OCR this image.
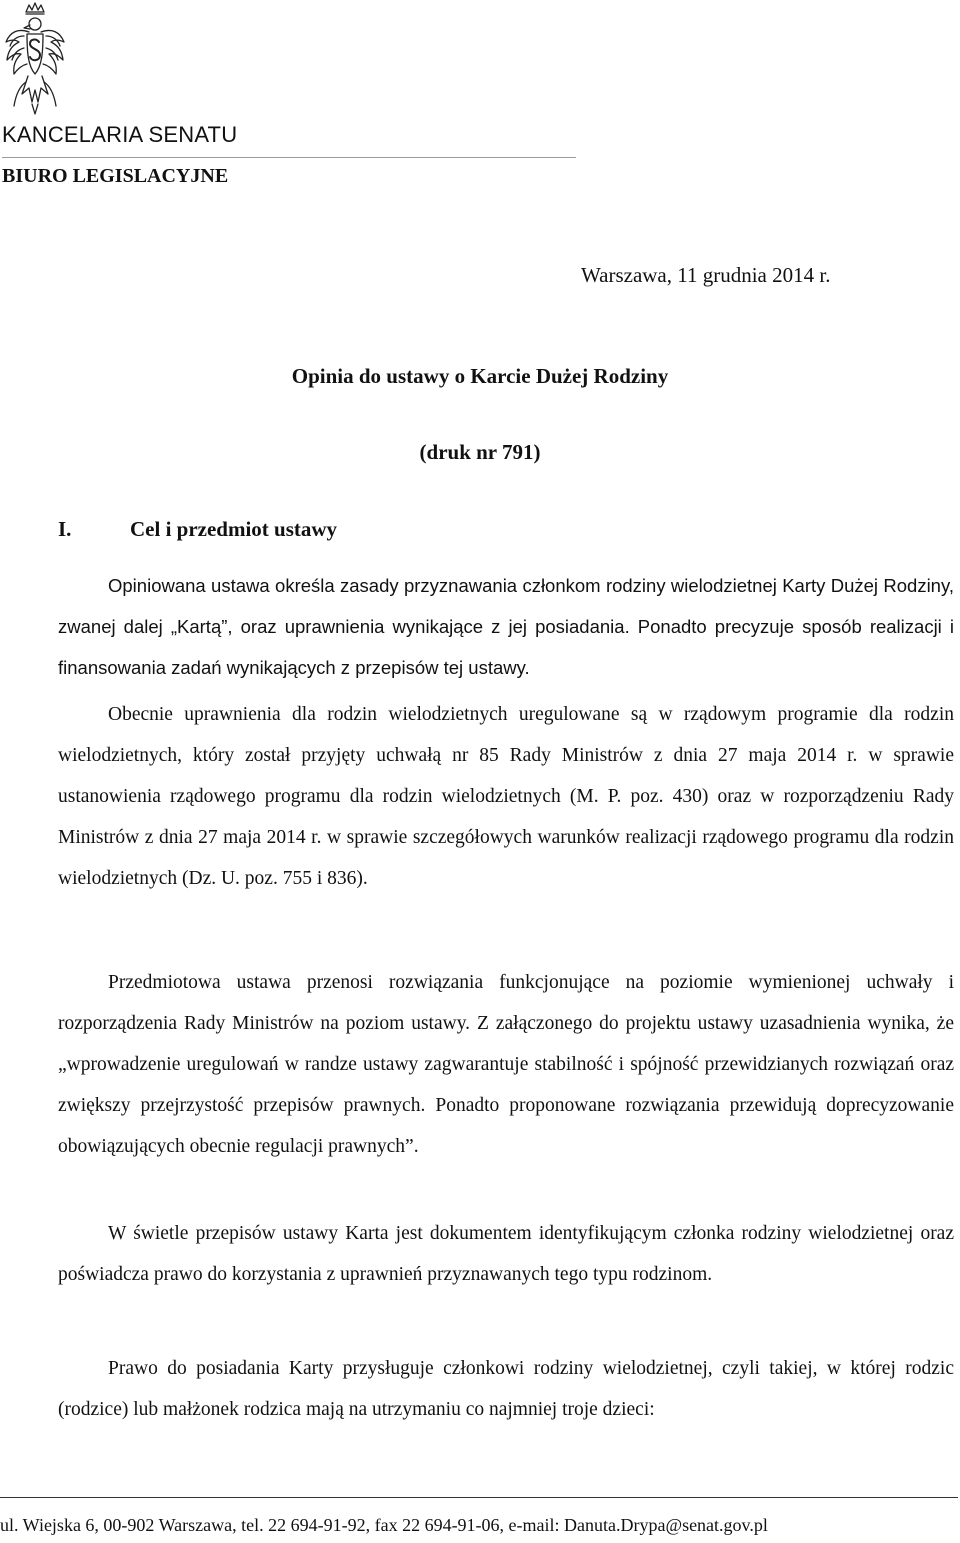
KANCELARIA SENATU
BIURO LEGISLACYJNE
Warszawa, 11 grudnia 2014 r.
Opinia do ustawy o Karcie Dużej Rodziny
(druk nr 791)
I.	Cel i przedmiot ustawy

Opiniowana ustawa określa zasady przyznawania członkom rodziny wielodzietnej Karty Dużej Rodziny, zwanej dalej „Kartą”, oraz uprawnienia wynikające z jej posiadania. Ponadto precyzuje sposób realizacji i finansowania zadań wynikających z przepisów tej ustawy.

Obecnie uprawnienia dla rodzin wielodzietnych uregulowane są w rządowym programie dla rodzin wielodzietnych, który został przyjęty uchwałą nr 85 Rady Ministrów z dnia 27 maja 2014 r. w sprawie ustanowienia rządowego programu dla rodzin wielodzietnych (M. P. poz. 430) oraz w rozporządzeniu Rady Ministrów z dnia 27 maja 2014 r. w sprawie szczegółowych warunków realizacji rządowego programu dla rodzin wielodzietnych (Dz. U. poz. 755 i 836).

Przedmiotowa ustawa przenosi rozwiązania funkcjonujące na poziomie wymienionej uchwały i rozporządzenia Rady Ministrów na poziom ustawy. Z załączonego do projektu ustawy uzasadnienia wynika, że „wprowadzenie uregulowań w randze ustawy zagwarantuje stabilność i spójność przewidzianych rozwiązań oraz zwiększy przejrzystość przepisów prawnych. Ponadto proponowane rozwiązania przewidują doprecyzowanie obowiązujących obecnie regulacji prawnych”.

W świetle przepisów ustawy Karta jest dokumentem identyfikującym członka rodziny wielodzietnej oraz poświadcza prawo do korzystania z uprawnień przyznawanych tego typu rodzinom.

Prawo do posiadania Karty przysługuje członkowi rodziny wielodzietnej, czyli takiej, w której rodzic (rodzice) lub małżonek rodzica mają na utrzymaniu co najmniej troje dzieci:

ul. Wiejska 6, 00-902 Warszawa, tel. 22 694-91-92, fax 22 694-91-06, e-mail: Danuta.Drypa@senat.gov.pl
